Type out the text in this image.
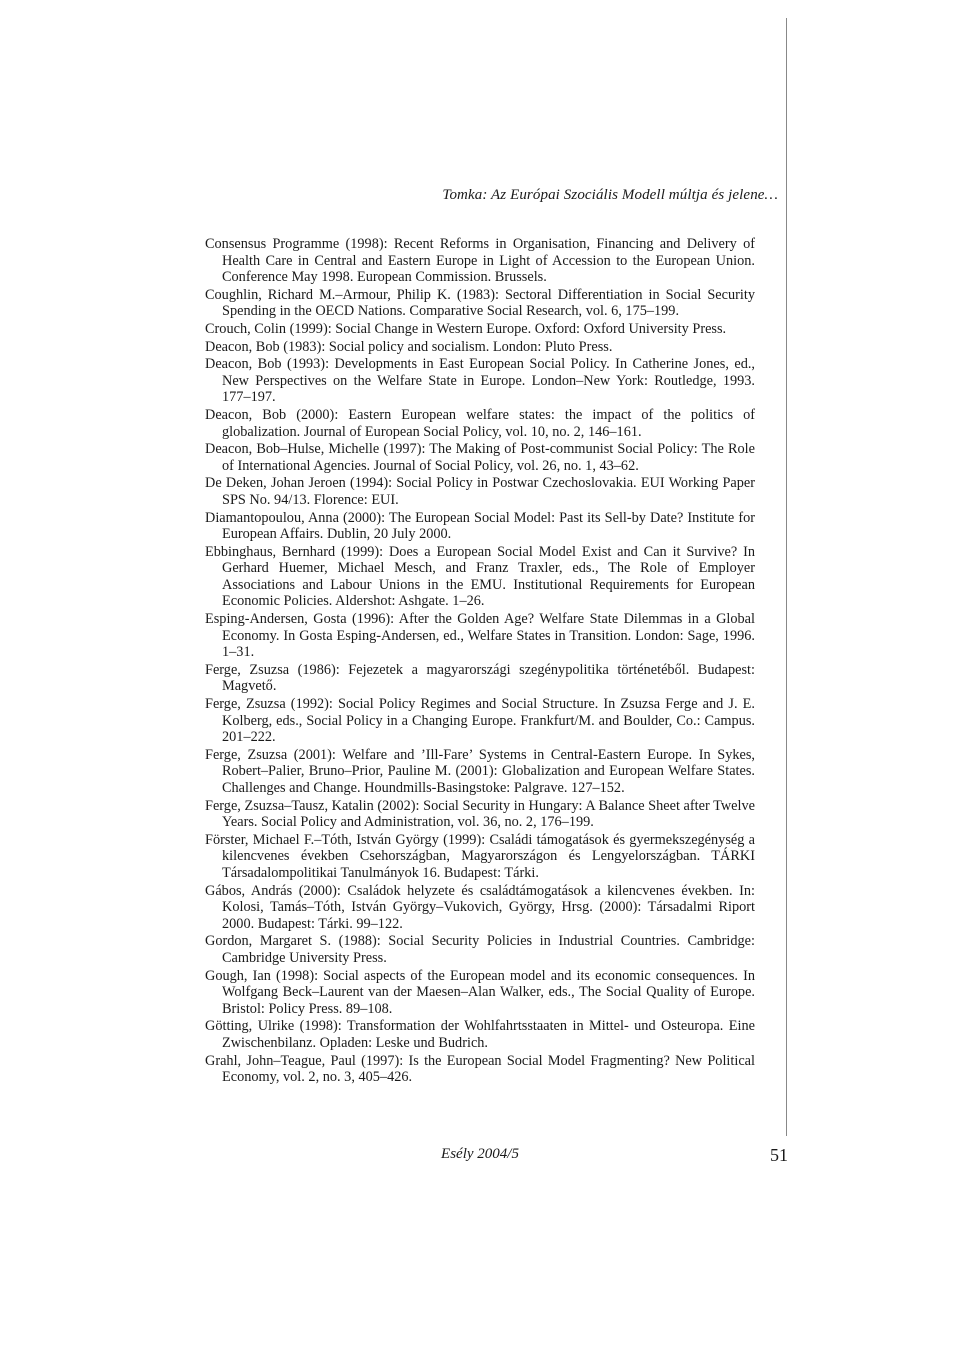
Tomka: Az Európai Szociális Modell múltja és jelene…

Consensus Programme (1998): Recent Reforms in Organisation, Financing and Delivery of Health Care in Central and Eastern Europe in Light of Accession to the European Union. Conference May 1998. European Commission. Brussels.

Coughlin, Richard M.–Armour, Philip K. (1983): Sectoral Differentiation in Social Security Spending in the OECD Nations. Comparative Social Research, vol. 6, 175–199.

Crouch, Colin (1999): Social Change in Western Europe. Oxford: Oxford University Press.

Deacon, Bob (1983): Social policy and socialism. London: Pluto Press.

Deacon, Bob (1993): Developments in East European Social Policy. In Catherine Jones, ed., New Perspectives on the Welfare State in Europe. London–New York: Routledge, 1993. 177–197.

Deacon, Bob (2000): Eastern European welfare states: the impact of the politics of globalization. Journal of European Social Policy, vol. 10, no. 2, 146–161.

Deacon, Bob–Hulse, Michelle (1997): The Making of Post-communist Social Policy: The Role of International Agencies. Journal of Social Policy, vol. 26, no. 1, 43–62.

De Deken, Johan Jeroen (1994): Social Policy in Postwar Czechoslovakia. EUI Working Paper SPS No. 94/13. Florence: EUI.

Diamantopoulou, Anna (2000): The European Social Model: Past its Sell-by Date? Institute for European Affairs. Dublin, 20 July 2000.

Ebbinghaus, Bernhard (1999): Does a European Social Model Exist and Can it Survive? In Gerhard Huemer, Michael Mesch, and Franz Traxler, eds., The Role of Employer Associations and Labour Unions in the EMU. Institutional Requirements for European Economic Policies. Aldershot: Ashgate. 1–26.

Esping-Andersen, Gosta (1996): After the Golden Age? Welfare State Dilemmas in a Global Economy. In Gosta Esping-Andersen, ed., Welfare States in Transition. London: Sage, 1996. 1–31.

Ferge, Zsuzsa (1986): Fejezetek a magyarországi szegénypolitika történetéből. Budapest: Magvető.

Ferge, Zsuzsa (1992): Social Policy Regimes and Social Structure. In Zsuzsa Ferge and J. E. Kolberg, eds., Social Policy in a Changing Europe. Frankfurt/M. and Boulder, Co.: Campus. 201–222.

Ferge, Zsuzsa (2001): Welfare and ’Ill-Fare’ Systems in Central-Eastern Europe. In Sykes, Robert–Palier, Bruno–Prior, Pauline M. (2001): Globalization and European Welfare States. Challenges and Change. Houndmills-Basingstoke: Palgrave. 127–152.

Ferge, Zsuzsa–Tausz, Katalin (2002): Social Security in Hungary: A Balance Sheet after Twelve Years. Social Policy and Administration, vol. 36, no. 2, 176–199.

Förster, Michael F.–Tóth, István György (1999): Családi támogatások és gyermekszegénység a kilencvenes években Csehországban, Magyarországon és Lengyelországban. TÁRKI Társadalompolitikai Tanulmányok 16. Budapest: Tárki.

Gábos, András (2000): Családok helyzete és családtámogatások a kilencvenes években. In: Kolosi, Tamás–Tóth, István György–Vukovich, György, Hrsg. (2000): Társadalmi Riport 2000. Budapest: Tárki. 99–122.

Gordon, Margaret S. (1988): Social Security Policies in Industrial Countries. Cambridge: Cambridge University Press.

Gough, Ian (1998): Social aspects of the European model and its economic consequences. In Wolfgang Beck–Laurent van der Maesen–Alan Walker, eds., The Social Quality of Europe. Bristol: Policy Press. 89–108.

Götting, Ulrike (1998): Transformation der Wohlfahrtsstaaten in Mittel- und Osteuropa. Eine Zwischenbilanz. Opladen: Leske und Budrich.

Grahl, John–Teague, Paul (1997): Is the European Social Model Fragmenting? New Political Economy, vol. 2, no. 3, 405–426.

Esély 2004/5	51
